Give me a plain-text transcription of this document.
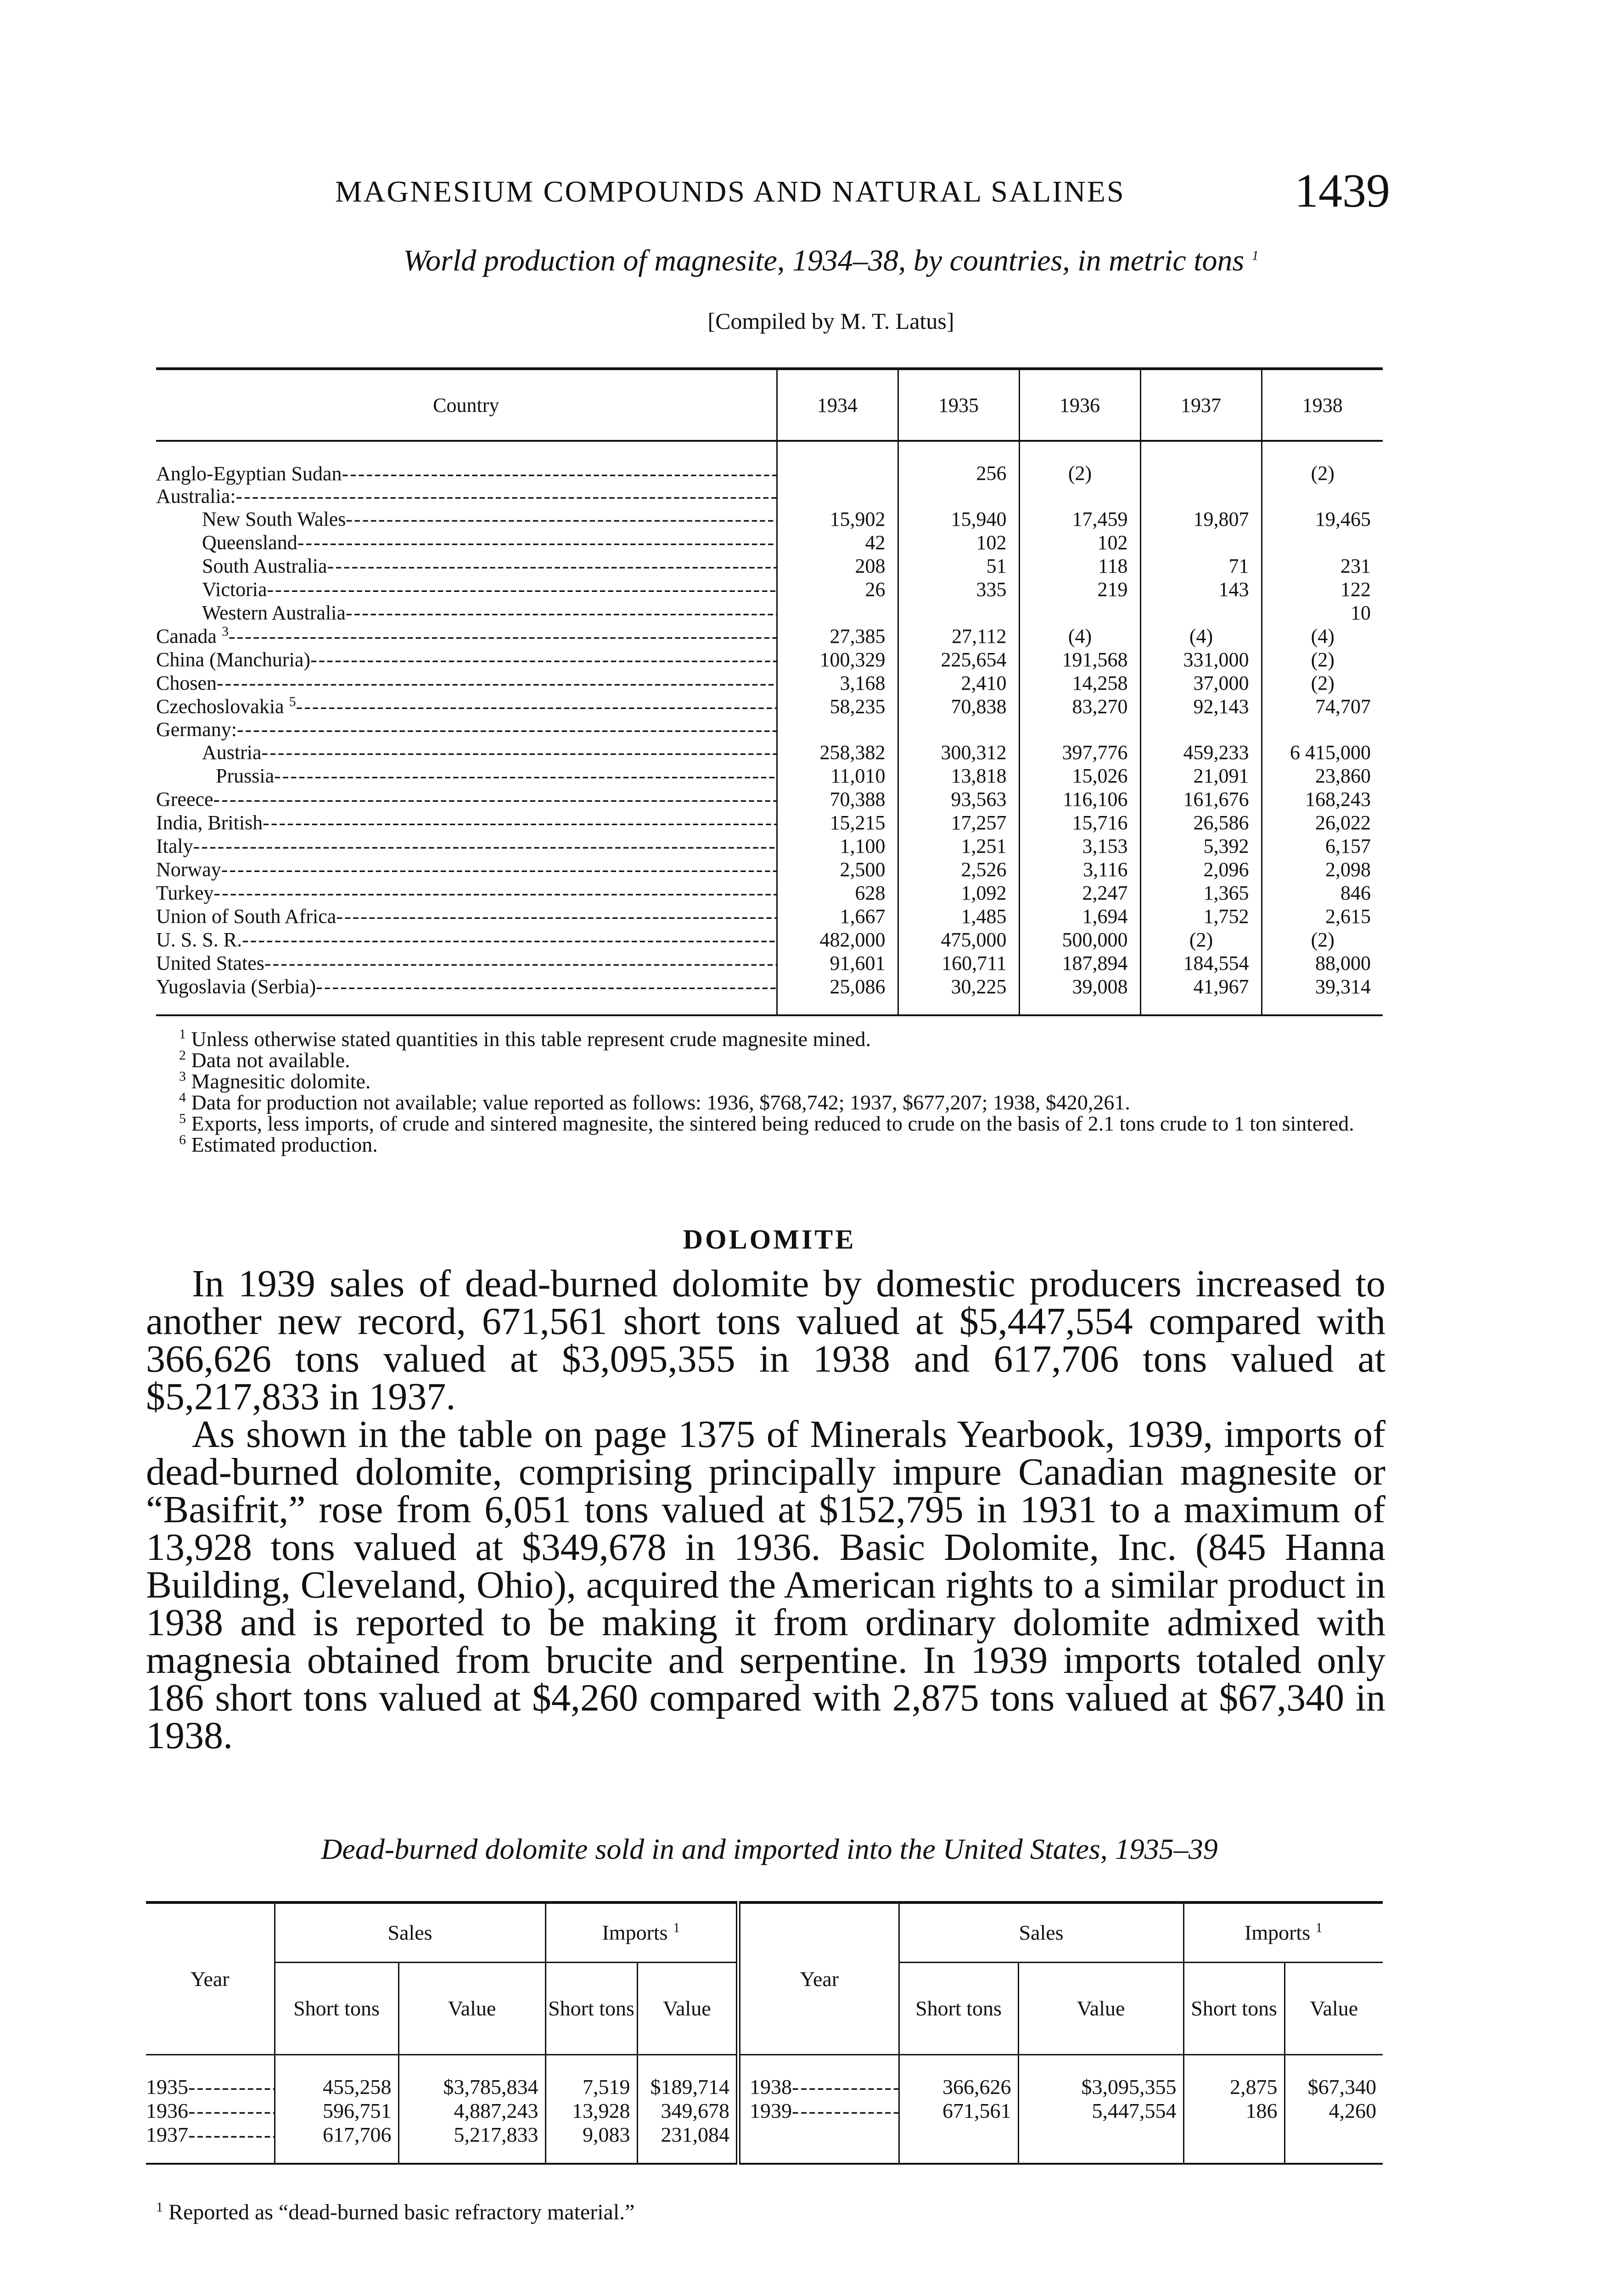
MAGNESIUM COMPOUNDS AND NATURAL SALINES	1439
World production of magnesite, 1934–38, by countries, in metric tons $^1$
[Compiled by M. T. Latus]
Country	1934	1935	1936	1937	1938

Anglo-Egyptian Sudan -----		256	(2)		(2)

Australia: -----

New South Wales -----	15,902	15,940	17,459	19,807	19,465

Queensland -----	42	102	102		

South Australia -----	208	51	118	71	231

Victoria -----	26	335	219	143	122

Western Australia -----					10

Canada $^3$ -----	27,385	27,112	(4)	(4)	(4)

China (Manchuria) -----	100,329	225,654	191,568	331,000	(2)

Chosen -----	3,168	2,410	14,258	37,000	(2)

Czechoslovakia $^5$ -----	58,235	70,838	83,270	92,143	74,707

Germany: -----

Austria -----	258,382	300,312	397,776	459,233	6 415,000

Prussia -----	11,010	13,818	15,026	21,091	23,860

Greece -----	70,388	93,563	116,106	161,676	168,243

India, British -----	15,215	17,257	15,716	26,586	26,022

Italy -----	1,100	1,251	3,153	5,392	6,157

Norway -----	2,500	2,526	3,116	2,096	2,098

Turkey -----	628	1,092	2,247	1,365	846

Union of South Africa -----	1,667	1,485	1,694	1,752	2,615

U. S. S. R. -----	482,000	475,000	500,000	(2)	(2)

United States -----	91,601	160,711	187,894	184,554	88,000

Yugoslavia (Serbia) -----	25,086	30,225	39,008	41,967	39,314
$^1$ Unless otherwise stated quantities in this table represent crude magnesite mined.
$^2$ Data not available.
$^3$ Magnesitic dolomite.
$^4$ Data for production not available; value reported as follows: 1936, $768,742; 1937, $677,207; 1938, $420,261.
$^5$ Exports, less imports, of crude and sintered magnesite, the sintered being reduced to crude on the basis of 2.1 tons crude to 1 ton sintered.
$^6$ Estimated production.
DOLOMITE

In 1939 sales of dead-burned dolomite by domestic producers increased to another new record, 671,561 short tons valued at $5,447,554 compared with 366,626 tons valued at $3,095,355 in 1938 and 617,706 tons valued at $5,217,833 in 1937.

As shown in the table on page 1375 of Minerals Yearbook, 1939, imports of dead-burned dolomite, comprising principally impure Canadian magnesite or “Basifrit,” rose from 6,051 tons valued at $152,795 in 1931 to a maximum of 13,928 tons valued at $349,678 in 1936. Basic Dolomite, Inc. (845 Hanna Building, Cleveland, Ohio), acquired the American rights to a similar product in 1938 and is reported to be making it from ordinary dolomite admixed with magnesia obtained from brucite and serpentine. In 1939 imports totaled only 186 short tons valued at $4,260 compared with 2,875 tons valued at $67,340 in 1938.

Dead-burned dolomite sold in and imported into the United States, 1935–39
Year	Sales		Imports $^1$		Year	Sales		Imports $^1$
	Short tons	Value	Short tons	Value		Short tons	Value	Short tons	Value
1935 -----	455,258	$3,785,834	7,519	$189,714	1938 -----	366,626	$3,095,355	2,875	$67,340
1936 -----	596,751	4,887,243	13,928	349,678	1939 -----	671,561	5,447,554	186	4,260
1937 -----	617,706	5,217,833	9,083	231,084					
$^1$ Reported as “dead-burned basic refractory material.”
